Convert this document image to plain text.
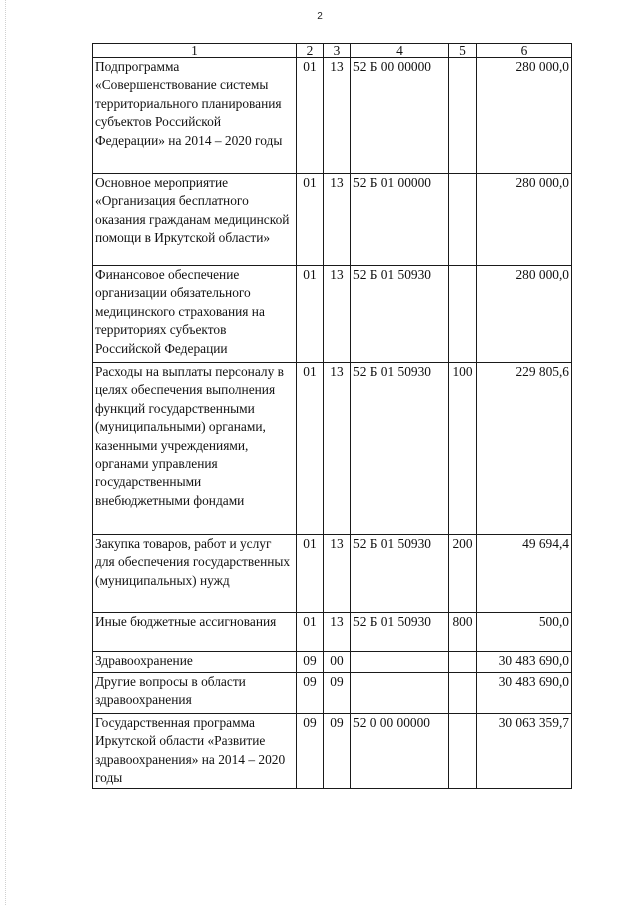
2
1	2	3	4	5	6
Подпрограмма «Совершенствование системы территориального планирования субъектов Российской Федерации» на 2014 – 2020 годы	01	13	52 Б 00 00000		280 000,0
Основное мероприятие «Организация бесплатного оказания гражданам медицинской помощи в Иркутской области»	01	13	52 Б 01 00000		280 000,0
Финансовое обеспечение организации обязательного медицинского страхования на территориях субъектов Российской Федерации	01	13	52 Б 01 50930		280 000,0
Расходы на выплаты персоналу в целях обеспечения выполнения функций государственными (муниципальными) органами, казенными учреждениями, органами управления государственными внебюджетными фондами	01	13	52 Б 01 50930	100	229 805,6
Закупка товаров, работ и услуг для обеспечения государственных (муниципальных) нужд	01	13	52 Б 01 50930	200	49 694,4
Иные бюджетные ассигнования	01	13	52 Б 01 50930	800	500,0
Здравоохранение	09	00			30 483 690,0
Другие вопросы в области здравоохранения	09	09			30 483 690,0
Государственная программа Иркутской области «Развитие здравоохранения» на 2014 – 2020 годы	09	09	52 0 00 00000		30 063 359,7
